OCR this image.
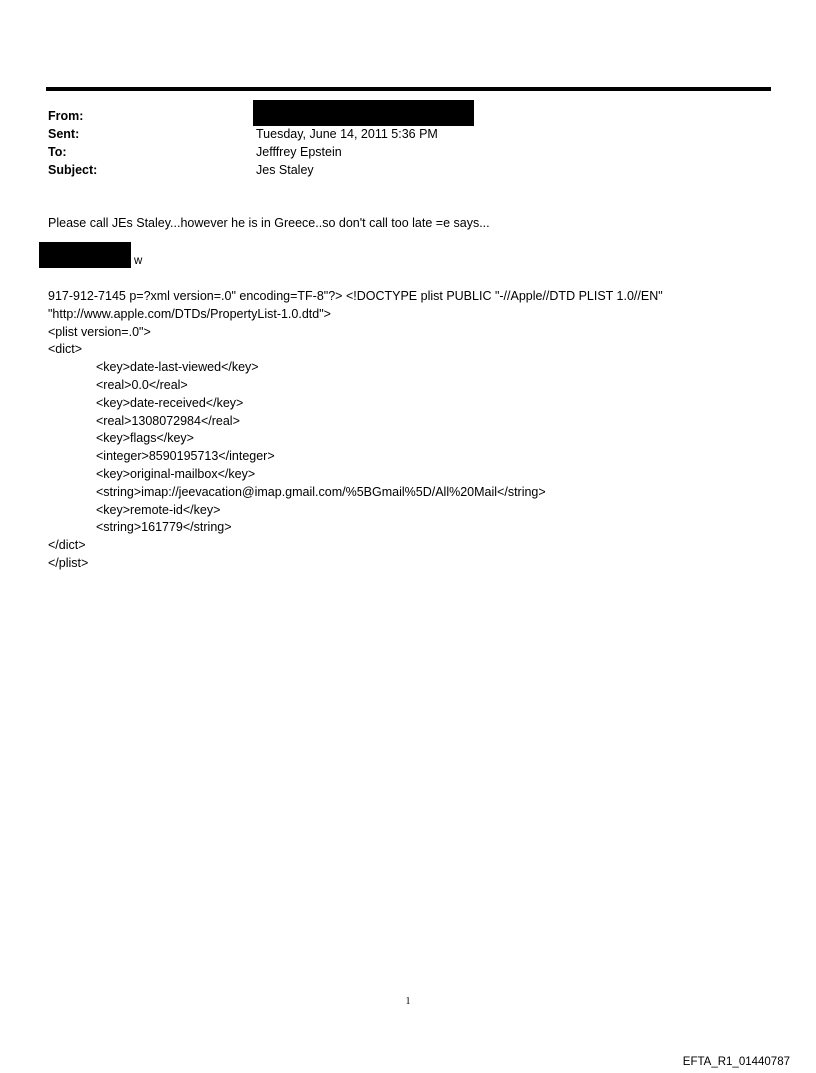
From:
Sent:	Tuesday, June 14, 2011 5:36 PM
To:	Jefffrey Epstein
Subject:	Jes Staley
Please call JEs Staley...however he is in Greece..so don't call too late =e says...
w
917-912-7145 p=?xml version=.0" encoding=TF-8"?> <!DOCTYPE plist PUBLIC "-//Apple//DTD PLIST 1.0//EN"
"http://www.apple.com/DTDs/PropertyList-1.0.dtd">
<plist version=.0">
<dict>
<key>date-last-viewed</key>
<real>0.0</real>
<key>date-received</key>
<real>1308072984</real>
<key>flags</key>
<integer>8590195713</integer>
<key>original-mailbox</key>
<string>imap://jeevacation@imap.gmail.com/%5BGmail%5D/All%20Mail</string>
<key>remote-id</key>
<string>161779</string>
</dict>
</plist>
1
EFTA_R1_01440787
